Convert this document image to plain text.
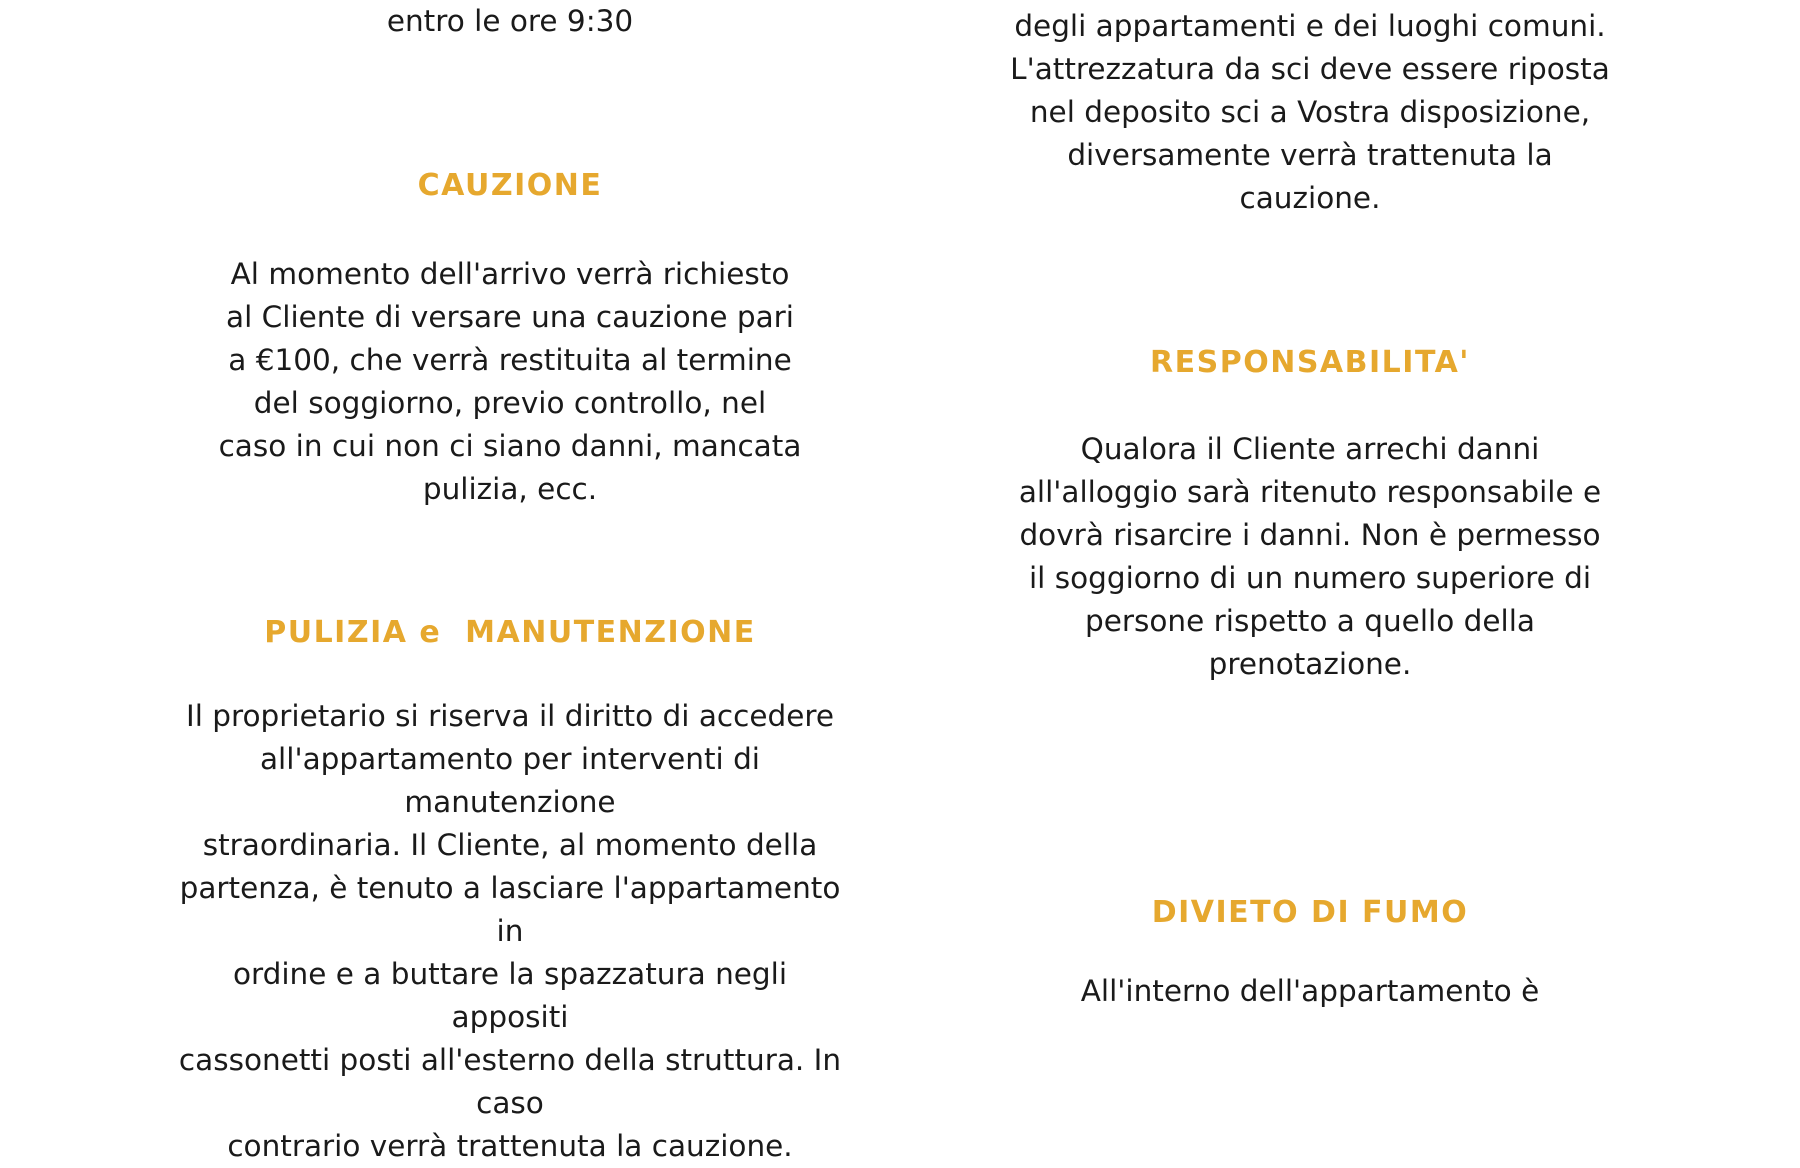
entro le ore 9:30
CAUZIONE

Al momento dell'arrivo verrà richiesto
al Cliente di versare una cauzione pari
a €100, che verrà restituita al termine
del soggiorno, previo controllo, nel
caso in cui non ci siano danni, mancata
pulizia, ecc.

PULIZIA e  MANUTENZIONE

Il proprietario si riserva il diritto di accedere
all'appartamento per interventi di manutenzione
straordinaria. Il Cliente, al momento della
partenza, è tenuto a lasciare l'appartamento in
ordine e a buttare la spazzatura negli appositi
cassonetti posti all'esterno della struttura. In caso
contrario verrà trattenuta la cauzione.

degli appartamenti e dei luoghi comuni.
L'attrezzatura da sci deve essere riposta
nel deposito sci a Vostra disposizione,
diversamente verrà trattenuta la
cauzione.
RESPONSABILITA'

Qualora il Cliente arrechi danni
all'alloggio sarà ritenuto responsabile e
dovrà risarcire i danni. Non è permesso
il soggiorno di un numero superiore di
persone rispetto a quello della
prenotazione.

DIVIETO DI FUMO

All'interno dell'appartamento è
